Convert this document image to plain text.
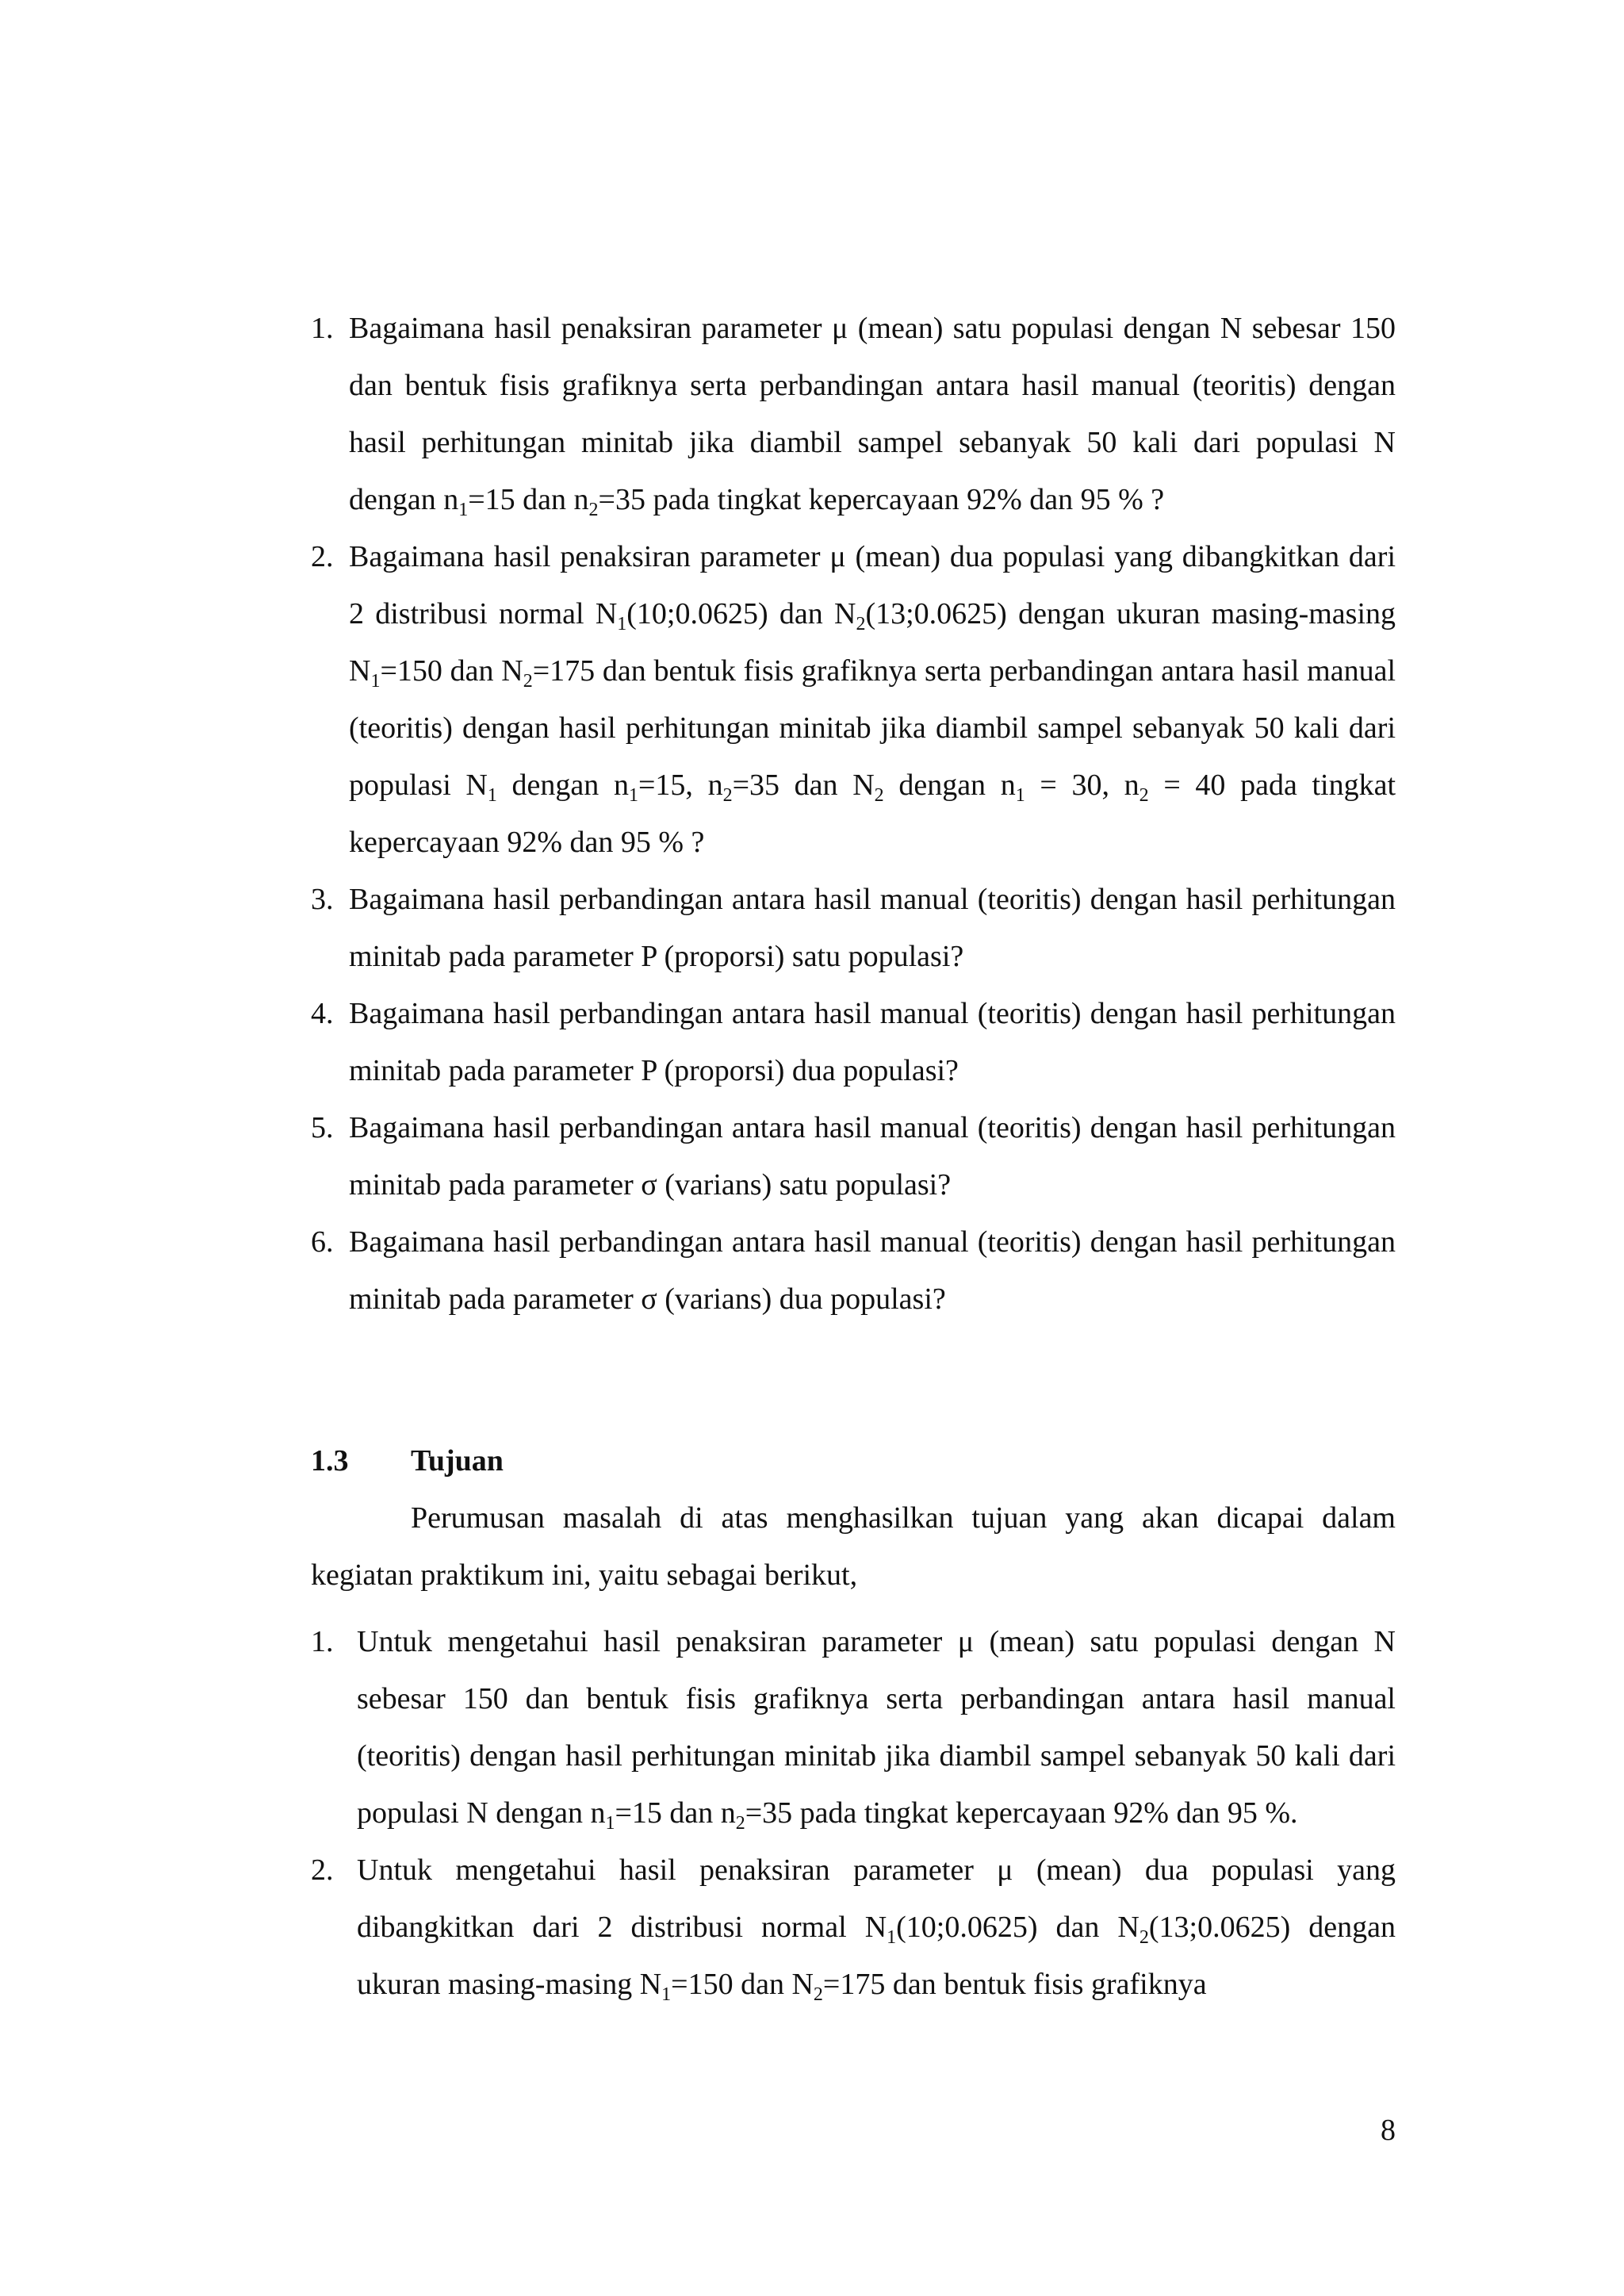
1. Bagaimana hasil penaksiran parameter μ (mean) satu populasi dengan N sebesar 150 dan bentuk fisis grafiknya serta perbandingan antara hasil manual (teoritis) dengan hasil perhitungan minitab jika diambil sampel sebanyak 50 kali dari populasi N dengan $n_1=15$ dan $n_2=35$ pada tingkat kepercayaan 92% dan 95 % ?
2. Bagaimana hasil penaksiran parameter μ (mean) dua populasi yang dibangkitkan dari 2 distribusi normal $N_1(10;0.0625)$ dan $N_2(13;0.0625)$ dengan ukuran masing-masing $N_1=150$ dan $N_2=175$ dan bentuk fisis grafiknya serta perbandingan antara hasil manual (teoritis) dengan hasil perhitungan minitab jika diambil sampel sebanyak 50 kali dari populasi $N_1$ dengan $n_1=15$, $n_2=35$ dan $N_2$ dengan $n_1 = 30$, $n_2 = 40$ pada tingkat kepercayaan 92% dan 95 % ?
3. Bagaimana hasil perbandingan antara hasil manual (teoritis) dengan hasil perhitungan minitab pada parameter P (proporsi) satu populasi?
4. Bagaimana hasil perbandingan antara hasil manual (teoritis) dengan hasil perhitungan minitab pada parameter P (proporsi) dua populasi?
5. Bagaimana hasil perbandingan antara hasil manual (teoritis) dengan hasil perhitungan minitab pada parameter σ (varians) satu populasi?
6. Bagaimana hasil perbandingan antara hasil manual (teoritis) dengan hasil perhitungan minitab pada parameter σ (varians) dua populasi?
1.3 Tujuan

Perumusan masalah di atas menghasilkan tujuan yang akan dicapai dalam kegiatan praktikum ini, yaitu sebagai berikut,

1. Untuk mengetahui hasil penaksiran parameter μ (mean) satu populasi dengan N sebesar 150 dan bentuk fisis grafiknya serta perbandingan antara hasil manual (teoritis) dengan hasil perhitungan minitab jika diambil sampel sebanyak 50 kali dari populasi N dengan $n_1=15$ dan $n_2=35$ pada tingkat kepercayaan 92% dan 95 %.
2. Untuk mengetahui hasil penaksiran parameter μ (mean) dua populasi yang dibangkitkan dari 2 distribusi normal $N_1(10;0.0625)$ dan $N_2(13;0.0625)$ dengan ukuran masing-masing $N_1=150$ dan $N_2=175$ dan bentuk fisis grafiknya
8
